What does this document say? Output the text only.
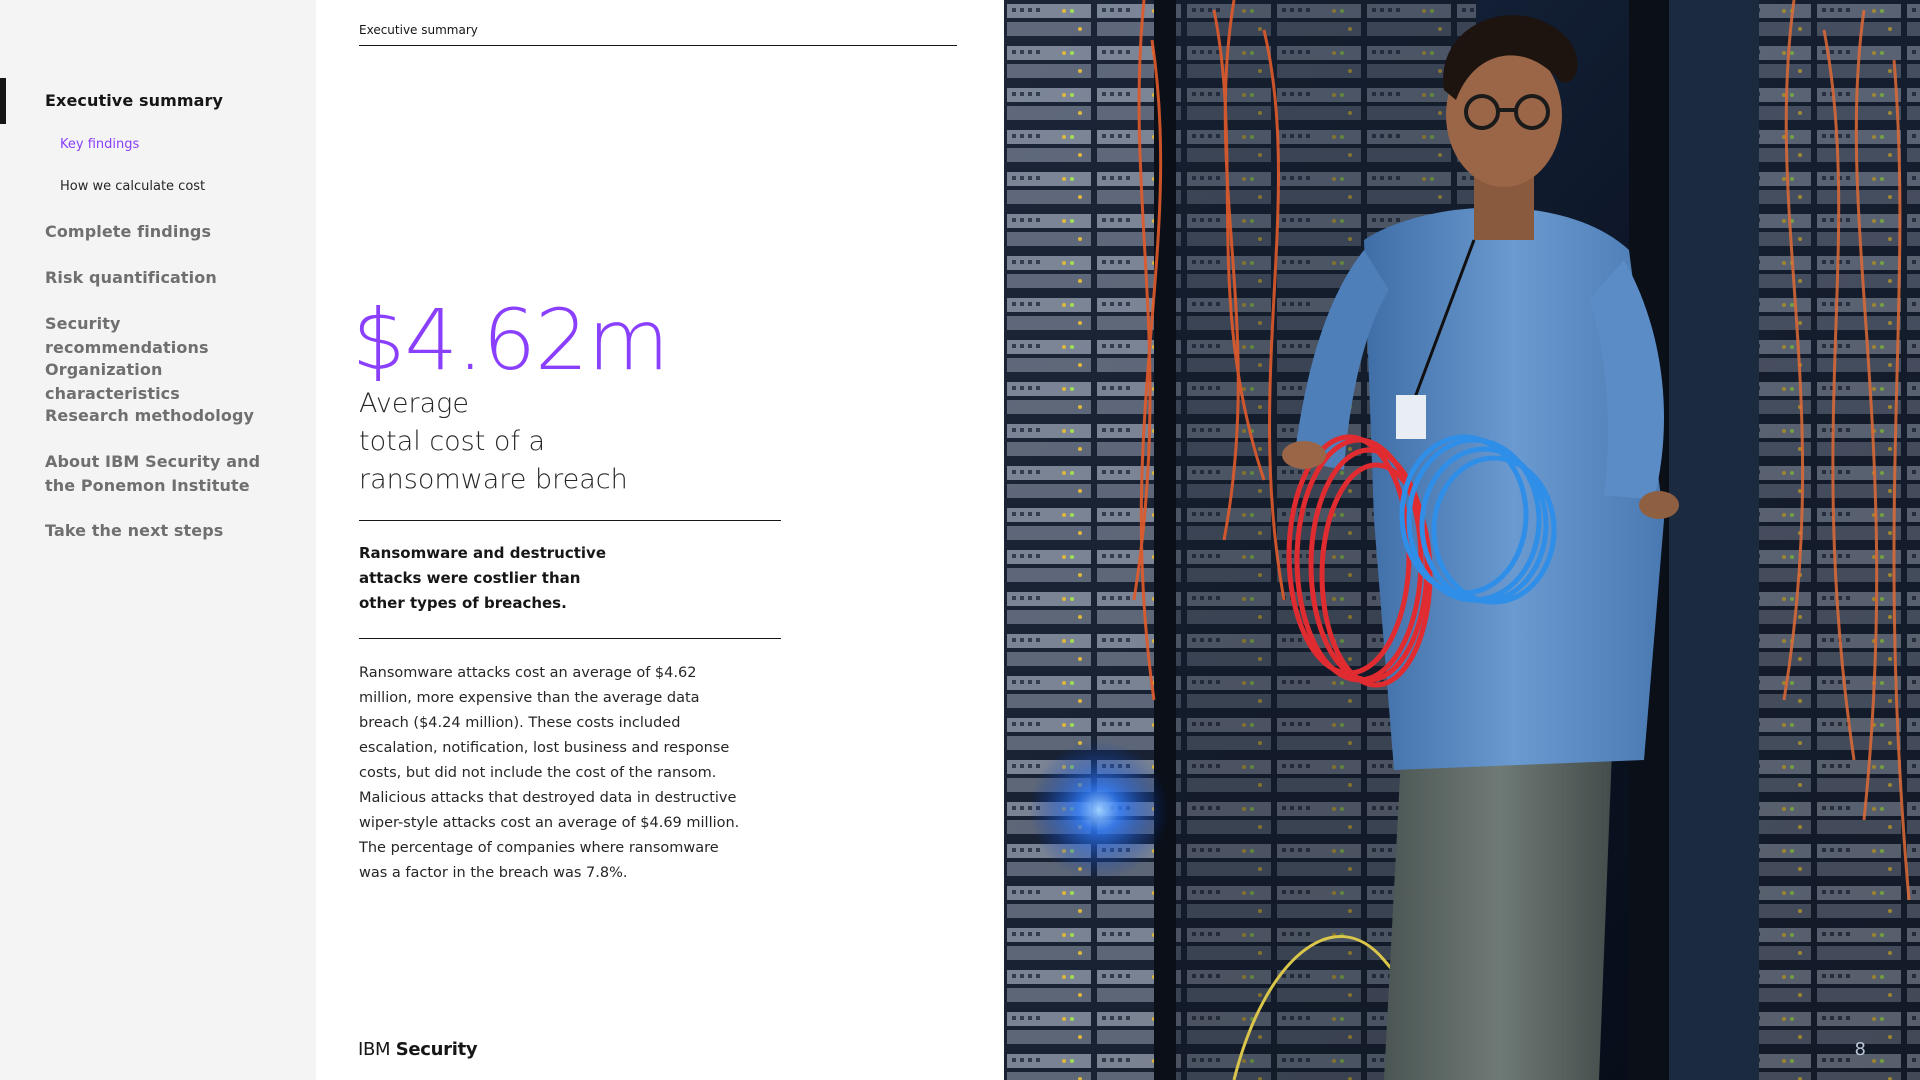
Executive summary
Key findings
How we calculate cost
Complete findings
Risk quantification
Security recommendations
Organization characteristics
Research methodology
About IBM Security and the Ponemon Institute
Take the next steps
Executive summary
$4.62m
Average
total cost of a
ransomware breach
Ransomware and destructive
attacks were costlier than
other types of breaches.

Ransomware attacks cost an average of $4.62 million, more expensive than the average data breach ($4.24 million). These costs included escalation, notification, lost business and response costs, but did not include the cost of the ransom. Malicious attacks that destroyed data in destructive wiper-style attacks cost an average of $4.69 million. The percentage of companies where ransomware was a factor in the breach was 7.8%.

IBM Security	8
